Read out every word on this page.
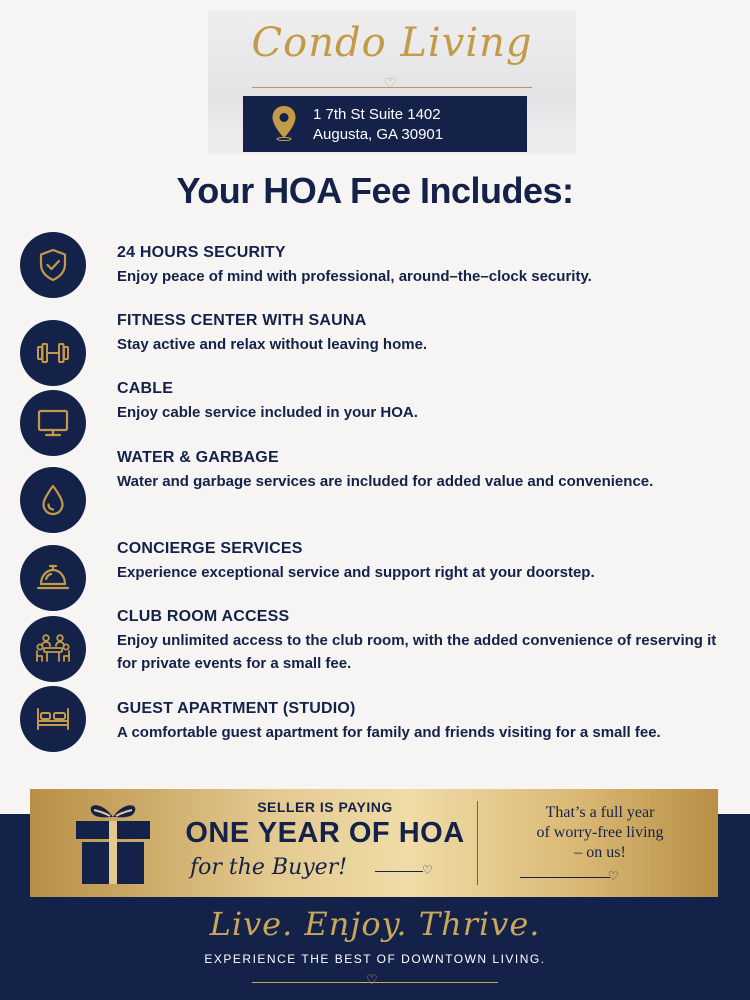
Condo Living
♡
1 7th St Suite 1402
Augusta, GA 30901
Your HOA Fee Includes:
24 HOURS SECURITY
Enjoy peace of mind with professional, around–the–clock security.
FITNESS CENTER WITH SAUNA
Stay active and relax without leaving home.
CABLE
Enjoy cable service included in your HOA.
WATER & GARBAGE
Water and garbage services are included for added value and convenience.
CONCIERGE SERVICES
Experience exceptional service and support right at your doorstep.
CLUB ROOM ACCESS
Enjoy unlimited access to the club room, with the added convenience of reserving it for private events for a small fee.
GUEST APARTMENT (STUDIO)
A comfortable guest apartment for family and friends visiting for a small fee.
SELLER IS PAYING
ONE YEAR OF HOA
for the Buyer!	♡
That’s a full year
of worry-free living
– on us!
♡
Live. Enjoy. Thrive.
EXPERIENCE THE BEST OF DOWNTOWN LIVING.
♡
